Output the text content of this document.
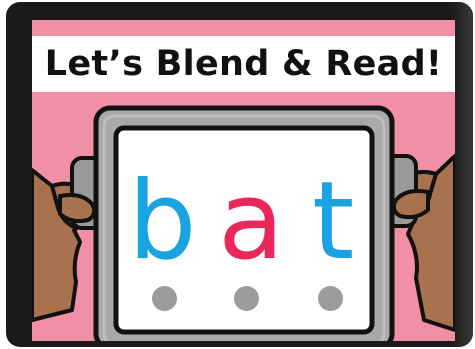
Let’s Blend & Read!
b a t
